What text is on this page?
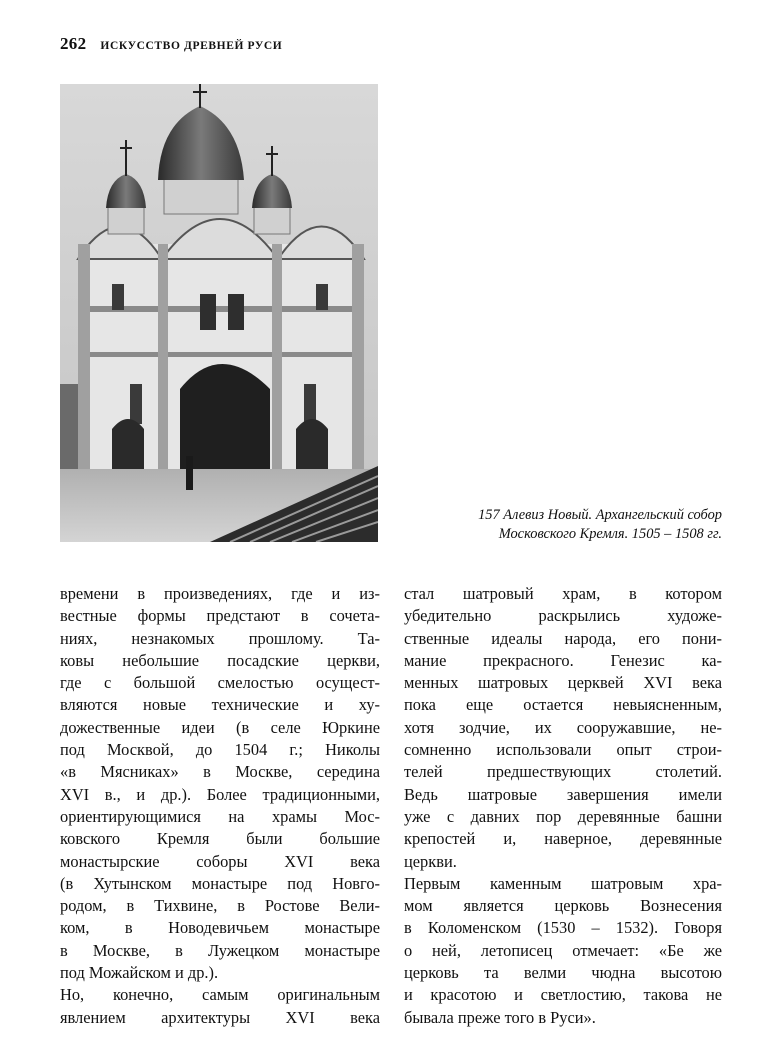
262 ИСКУССТВО ДРЕВНЕЙ РУСИ
157 Алевиз Новый. Архангельский собор
Московского Кремля. 1505 – 1508 гг.
времени в произведениях, где и из-
вестные формы предстают в сочета-
ниях, незнакомых прошлому. Та-
ковы небольшие посадские церкви,
где с большой смелостью осущест-
вляются новые технические и ху-
дожественные идеи (в селе Юркине
под Москвой, до 1504 г.; Николы
«в Мясниках» в Москве, середина
XVI в., и др.). Более традиционными,
ориентирующимися на храмы Мос-
ковского Кремля были большие
монастырские соборы XVI века
(в Хутынском монастыре под Новго-
родом, в Тихвине, в Ростове Вели-
ком, в Новодевичьем монастыре
в Москве, в Лужецком монастыре
под Можайском и др.).
Но, конечно, самым оригинальным
явлением архитектуры XVI века
стал шатровый храм, в котором
убедительно раскрылись художе-
ственные идеалы народа, его пони-
мание прекрасного. Генезис ка-
менных шатровых церквей XVI века
пока еще остается невыясненным,
хотя зодчие, их сооружавшие, не-
сомненно использовали опыт строи-
телей предшествующих столетий.
Ведь шатровые завершения имели
уже с давних пор деревянные башни
крепостей и, наверное, деревянные
церкви.
Первым каменным шатровым хра-
мом является церковь Вознесения
в Коломенском (1530 – 1532). Говоря
о ней, летописец отмечает: «Бе же
церковь та велми чюдна высотою
и красотою и светлостию, такова не
бывала преже того в Руси».
